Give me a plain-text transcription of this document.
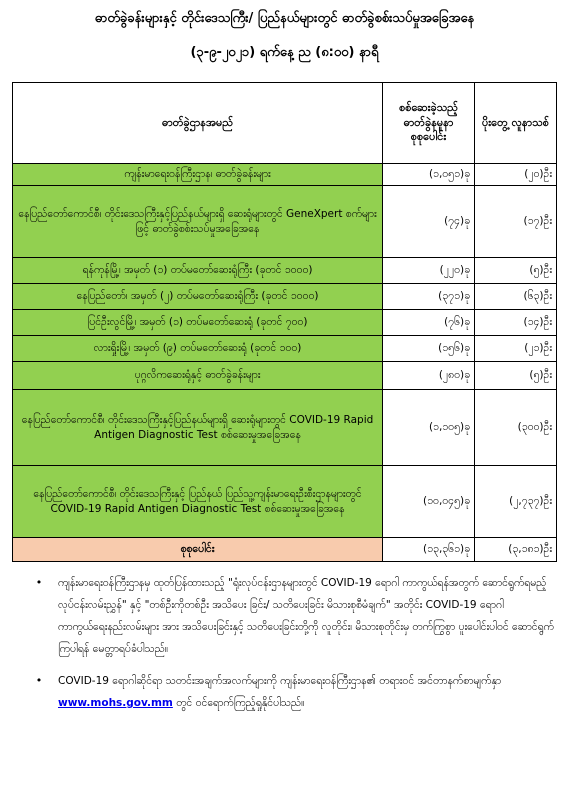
ဓာတ်ခွဲခန်းများနှင့် တိုင်းဒေသကြီး/ ပြည်နယ်များတွင် ဓာတ်ခွဲစစ်းသပ်မှုအခြေအနေ
(၃-၉-၂၀၂၁) ရက်နေ့ ည (၈:၀၀) နာရီ
ဓာတ်ခွဲဌာနအမည်	စစ်ဆေးခဲ့သည့် ဓာတ်ခွဲနမူနာ စုစုပေါင်း	ပိုးတွေ့ လူနာသစ်
ကျန်းမာရေးဝန်ကြီးဌာန၊ ဓာတ်ခွဲခန်းများ	(၁,၀၅၁)ခု	(၂၀)ဦး
နေပြည်တော်ကောင်စီ၊ တိုင်းဒေသကြီးနှင့်ပြည်နယ်များရှိ ဆေးရုံများတွင် GeneXpert စက်များဖြင့် ဓာတ်ခွဲစစ်းသပ်မှုအခြေအနေ	(၇၄)ခု	(၁၇)ဦး
ရန်ကုန်မြို့၊ အမှတ် (၁) တပ်မတော်ဆေးရုံကြီး (ခုတင် ၁၀၀၀)	(၂၂၀)ခု	(၅)ဦး
နေပြည်တော်၊ အမှတ် (၂) တပ်မတော်ဆေးရုံကြီး (ခုတင် ၁၀၀၀)	(၃၇၁)ခု	(၆၃)ဦး
ပြင်ဦးလွင်မြို့၊ အမှတ် (၁) တပ်မတော်ဆေးရုံ (ခုတင် ၇၀၀)	(၇၆)ခု	(၁၄)ဦး
လားရှိုးမြို့၊ အမှတ် (၉) တပ်မတော်ဆေးရုံ (ခုတင် ၁၀၀)	(၁၅၆)ခု	(၂၁)ဦး
ပုဂ္ဂလိကဆေးရုံနှင့် ဓာတ်ခွဲခန်းများ	(၂၈၀)ခု	(၅)ဦး
နေပြည်တော်ကောင်စီ၊ တိုင်းဒေသကြီးနှင့်ပြည်နယ်များရှိ ဆေးရုံများတွင် COVID-19 Rapid Antigen Diagnostic Test စစ်ဆေးမှုအခြေအနေ	(၁,၁၀၅)ခု	(၃၀၀)ဦး
နေပြည်တော်ကောင်စီ၊ တိုင်းဒေသကြီးနှင့် ပြည်နယ် ပြည်သူ့ကျန်းမာရေးဦးစီးဌာနများတွင် COVID-19 Rapid Antigen Diagnostic Test စစ်ဆေးမှုအခြေအနေ	(၁၀,၀၄၅)ခု	(၂,၇၃၇)ဦး
စုစုပေါင်း	(၁၃,၃၆၁)ခု	(၃,၁၈၁)ဦး
• ကျန်းမာရေးဝန်ကြီးဌာနမှ ထုတ်ပြန်ထားသည့် "ရုံးလုပ်ငန်းဌာနများတွင် COVID-19 ရောဂါ ကာကွယ်ရန်အတွက် ဆောင်ရွက်ရမည့် လုပ်ငန်းလမ်းညွှန်" နှင့် "တစ်ဦးကိုတစ်ဦး အသိပေး ခြင်း/ သတိပေးခြင်း မိသားစုစီမံချက်" အတိုင်း COVID-19 ရောဂါ ကာကွယ်ရေးနည်းလမ်းများ အား အသိပေးခြင်းနှင့် သတိပေးခြင်းတို့ကို လူတိုင်း၊ မိသားစုတိုင်းမှ တက်ကြွစွာ ပူးပေါင်းပါဝင် ဆောင်ရွက်ကြပါရန် မေတ္တာရပ်ခံပါသည်။
• COVID-19 ရောဂါဆိုင်ရာ သတင်းအချက်အလက်များကို ကျန်းမာရေးဝန်ကြီးဌာန၏ တရားဝင် အင်တာနက်စာမျက်နှာ www.mohs.gov.mm တွင် ဝင်ရောက်ကြည့်ရှုနိုင်ပါသည်။
